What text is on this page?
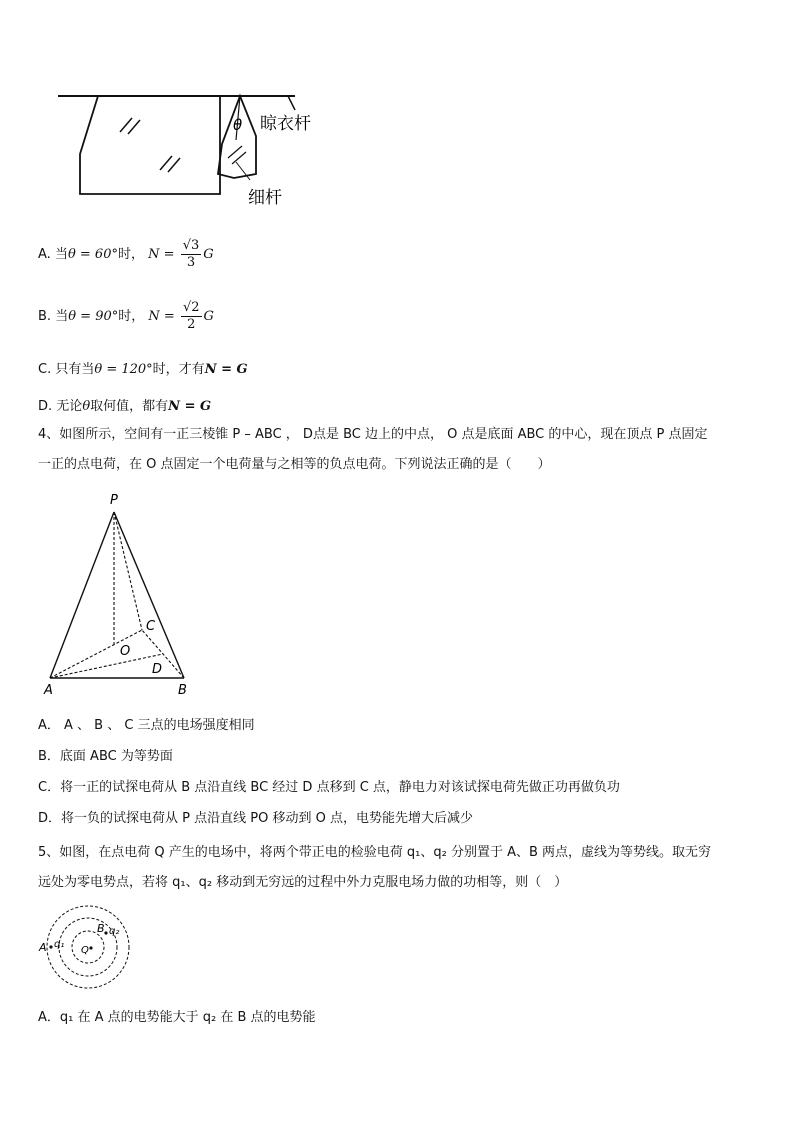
θ 晾衣杆
细杆
A. 当θ = 60°时， $N = \frac{√3}{3}$ G
B. 当θ = 90°时， $N = \frac{√2}{2}$ G
C. 只有当θ = 120°时，才有N = G
D. 无论θ取何值，都有N = G
4、如图所示，空间有一正三棱锥 P – ABC ， D点是 BC 边上的中点， O 点是底面 ABC 的中心，现在顶点 P 点固定
一正的点电荷，在 O 点固定一个电荷量与之相等的负点电荷。下列说法正确的是（　　）
P
C
O
D
A	B
A． A 、 B 、 C 三点的电场强度相同
B．底面 ABC 为等势面
C．将一正的试探电荷从 B 点沿直线 BC 经过 D 点移到 C 点，静电力对该试探电荷先做正功再做负功
D．将一负的试探电荷从 P 点沿直线 PO 移动到 O 点，电势能先增大后减少
5、如图，在点电荷 Q 产生的电场中，将两个带正电的检验电荷 q₁、q₂ 分别置于 A、B 两点，虚线为等势线。取无穷
远处为零电势点，若将 q₁、q₂ 移动到无穷远的过程中外力克服电场力做的功相等，则（　）
A q₁
B q₂
Q
A．q₁ 在 A 点的电势能大于 q₂ 在 B 点的电势能
